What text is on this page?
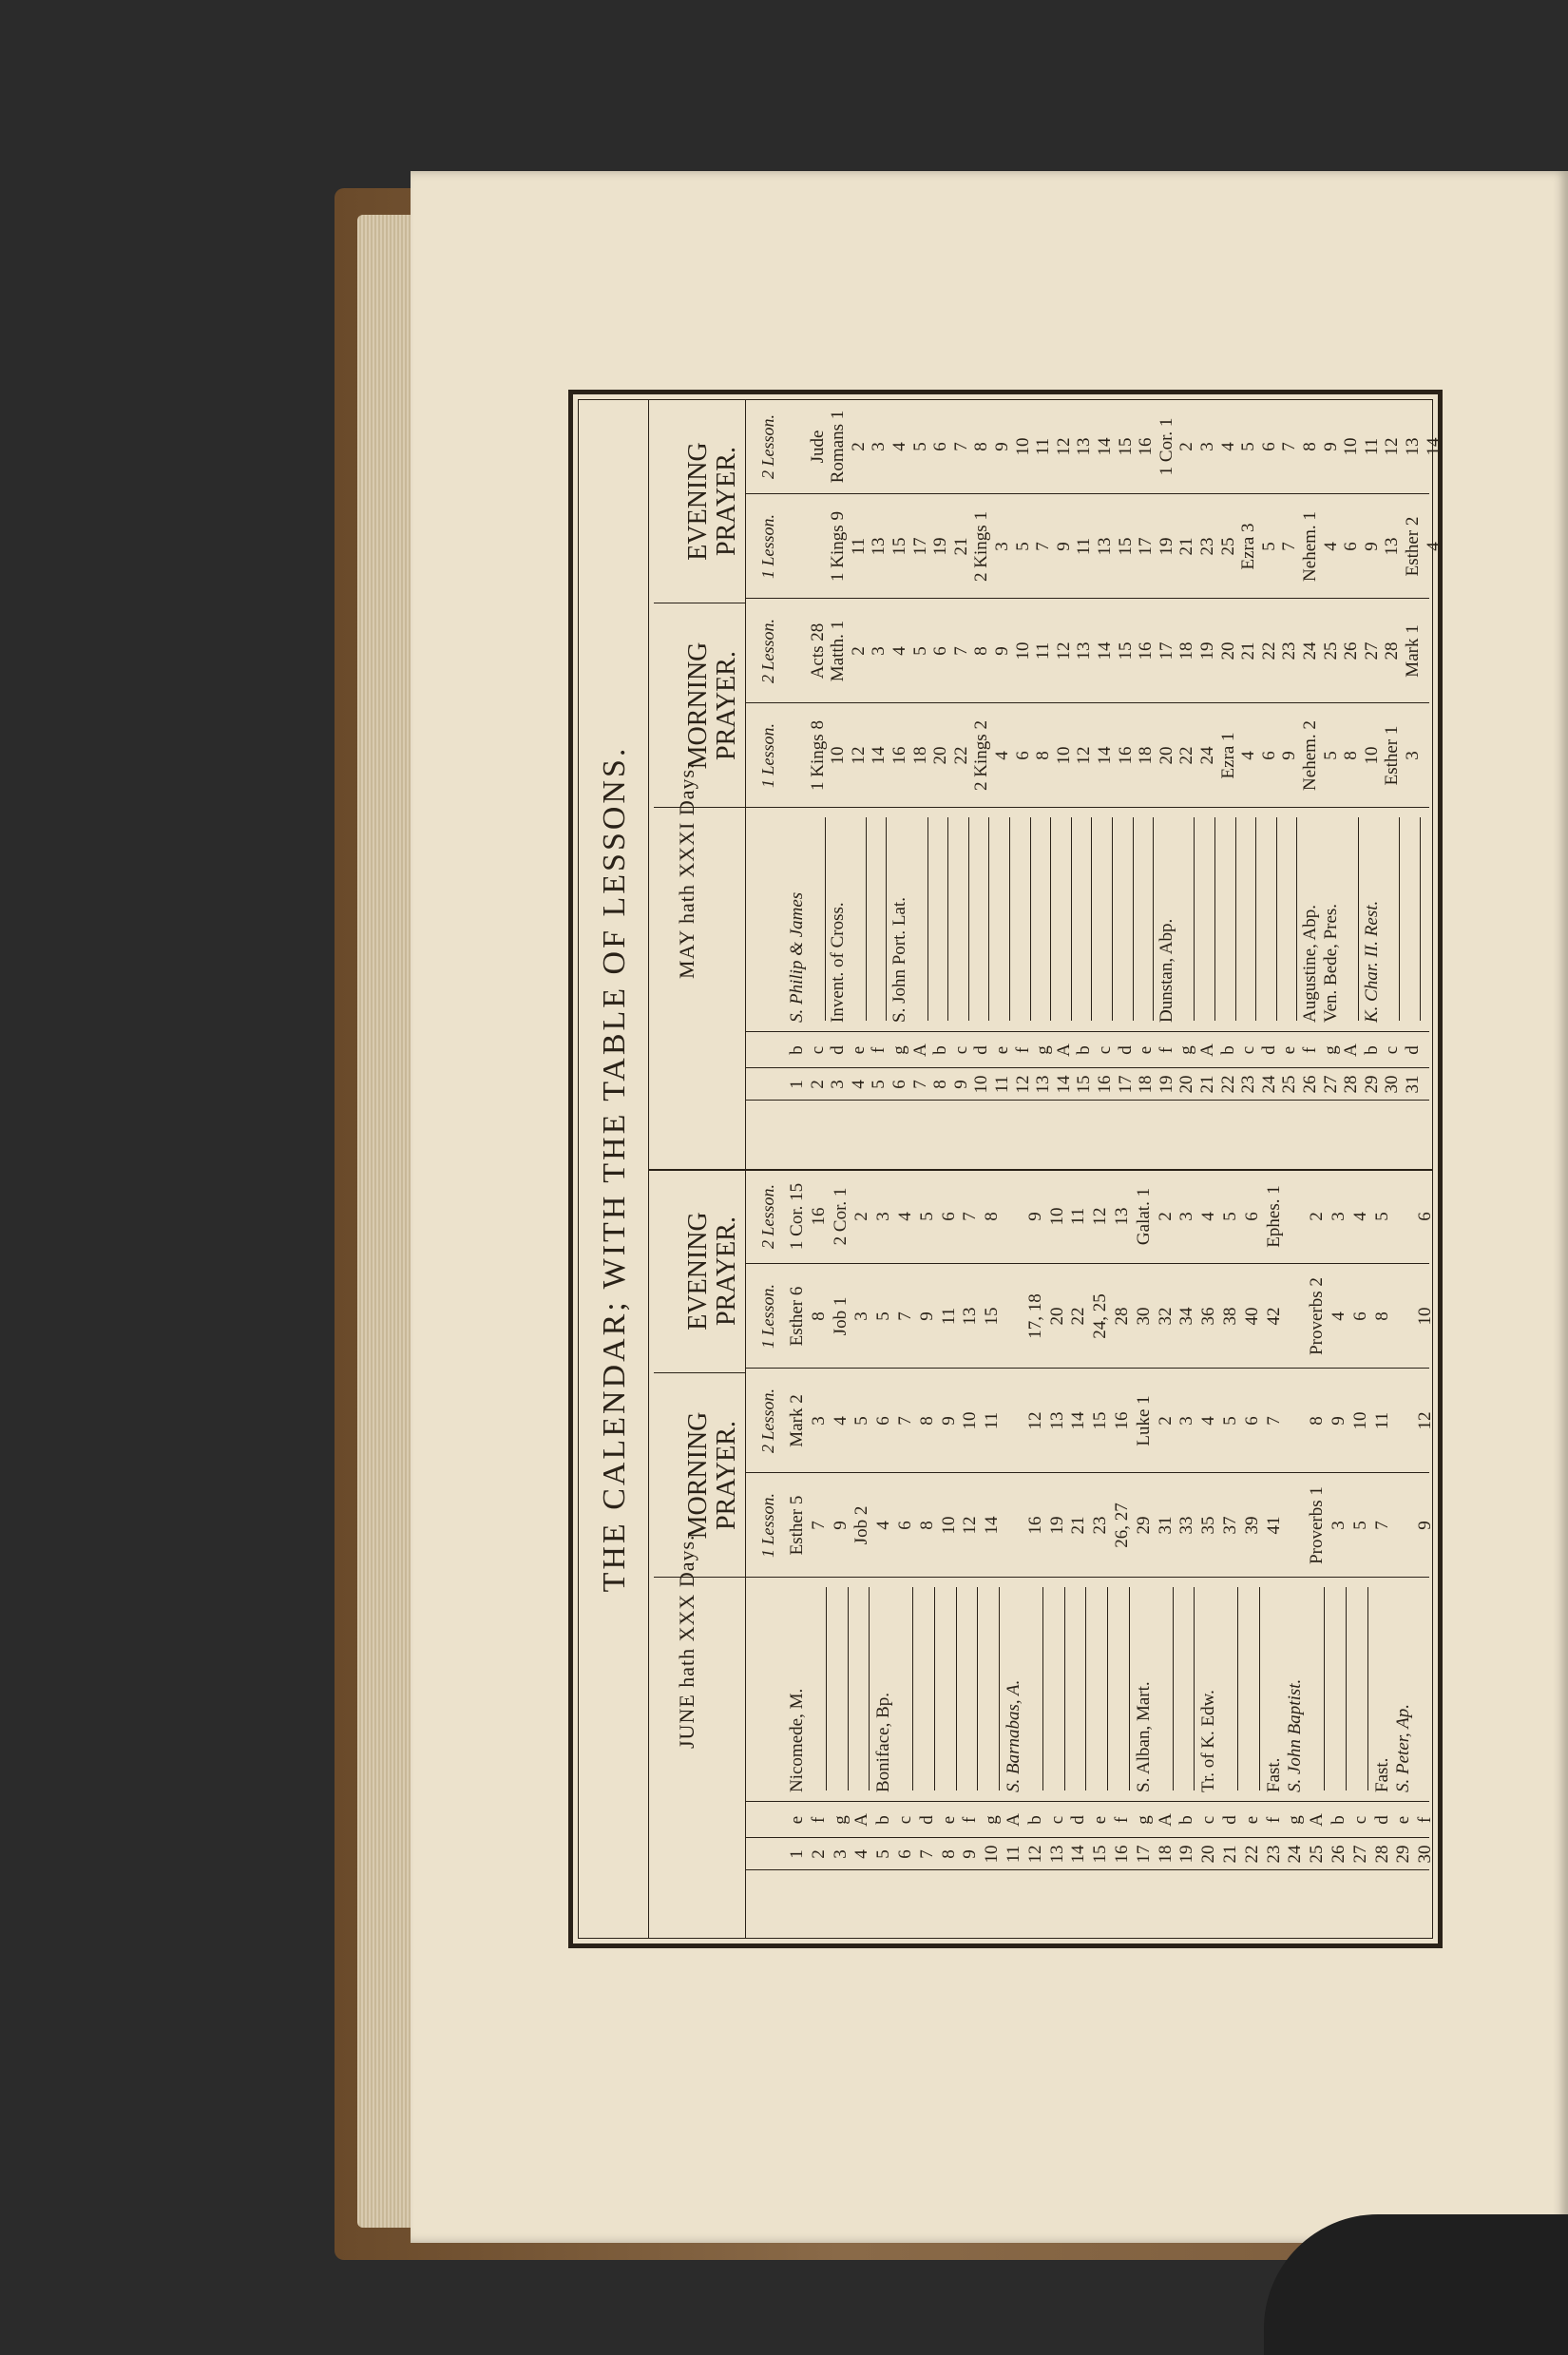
THE CALENDAR; WITH THE TABLE OF LESSONS.
JUNE hath XXX Days.
MORNING PRAYER.
EVENING PRAYER.
1 Lesson.
2 Lesson.
1 Lesson.
2 Lesson.
1
e
Nicomede, M.
Esther 5
Mark 2
Esther 6
1 Cor. 15
2
f
7
3
8
16
3
g
9
4
Job 1
2 Cor. 1
4
A
Job 2
5
3
2
5
b
Boniface, Bp.
4
6
5
3
6
c
6
7
7
4
7
d
8
8
9
5
8
e
10
9
11
6
9
f
12
10
13
7
10
g
14
11
15
8
11
A
S. Barnabas, A.
12
b
16
12
17, 18
9
13
c
19
13
20
10
14
d
21
14
22
11
15
e
23
15
24, 25
12
16
f
26, 27
16
28
13
17
g
S. Alban, Mart.
29
Luke 1
30
Galat. 1
18
A
31
2
32
2
19
b
33
3
34
3
20
c
Tr. of K. Edw.
35
4
36
4
21
d
37
5
38
5
22
e
39
6
40
6
23
f
Fast.
41
7
42
Ephes. 1
24
g
S. John Baptist.
25
A
Proverbs 1
8
Proverbs 2
2
26
b
3
9
4
3
27
c
5
10
6
4
28
d
Fast.
7
11
8
5
29
e
S. Peter, Ap.
30
f
9
12
10
6
MAY hath XXXI Days.
MORNING PRAYER.
EVENING PRAYER.
1 Lesson.
2 Lesson.
1 Lesson.
2 Lesson.
1
b
S. Philip & James
2
c
1 Kings 8
Acts 28
Jude
3
d
Invent. of Cross.
10
Matth. 1
1 Kings 9
Romans 1
4
e
12
2
11
2
5
f
14
3
13
3
6
g
S. John Port. Lat.
16
4
15
4
7
A
18
5
17
5
8
b
20
6
19
6
9
c
22
7
21
7
10
d
2 Kings 2
8
2 Kings 1
8
11
e
4
9
3
9
12
f
6
10
5
10
13
g
8
11
7
11
14
A
10
12
9
12
15
b
12
13
11
13
16
c
14
14
13
14
17
d
16
15
15
15
18
e
18
16
17
16
19
f
Dunstan, Abp.
20
17
19
1 Cor. 1
20
g
22
18
21
2
21
A
24
19
23
3
22
b
Ezra 1
20
25
4
23
c
4
21
Ezra 3
5
24
d
6
22
5
6
25
e
9
23
7
7
26
f
Augustine, Abp.
Nehem. 2
24
Nehem. 1
8
27
g
Ven. Bede, Pres.
5
25
4
9
28
A
8
26
6
10
29
b
K. Char. II. Rest.
10
27
9
11
30
c
Esther 1
28
13
12
31
d
3
Mark 1
Esther 2
13
4
14
